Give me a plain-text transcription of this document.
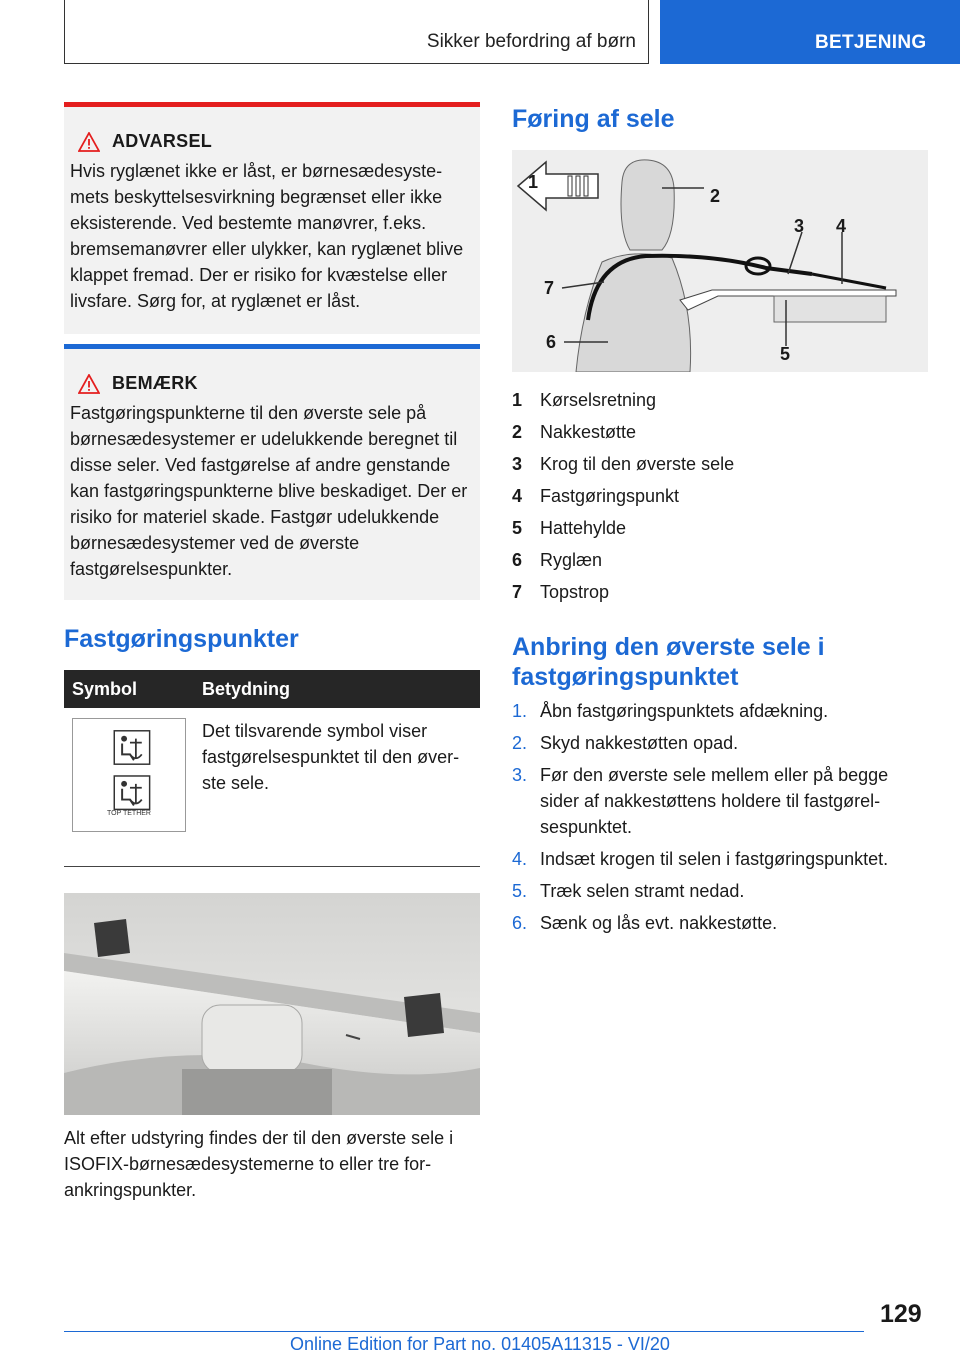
Sikker befordring af børn	BETJENING
ADVARSEL
Hvis ryglænet ikke er låst, er børnesædesystemets beskyttelsesvirkning begrænset eller ikke eksisterende. Ved bestemte manøvrer, f.eks. bremsemanøvrer eller ulykker, kan ryglænet blive klappet fremad. Der er risiko for kvæstelse eller livsfare. Sørg for, at ryglænet er låst.
BEMÆRK
Fastgøringspunkterne til den øverste sele på børnesædesystemer er udelukkende beregnet til disse seler. Ved fastgørelse af andre genstande kan fastgøringspunkterne blive beskadiget. Der er risiko for materiel skade. Fastgør udelukkende børnesædesystemer ved de øverste fastgørelsespunkter.
Fastgøringspunkter
Symbol	Betydning

TOP TETHER	Det tilsvarende symbol viser fastgørelsespunktet til den øverste sele.
Alt efter udstyring findes der til den øverste sele i ISOFIX-børnesædesystemerne to eller tre forankringspunkter.
Føring af sele
1
2
3 4
5
6
7
1 Kørselsretning
2 Nakkestøtte
3 Krog til den øverste sele
4 Fastgøringspunkt
5 Hattehylde
6 Ryglæn
7 Topstrop
Anbring den øverste sele i fastgøringspunktet
1. Åbn fastgøringspunktets afdækning.
2. Skyd nakkestøtten opad.
3. Før den øverste sele mellem eller på begge sider af nakkestøttens holdere til fastgørelsespunktet.
4. Indsæt krogen til selen i fastgøringspunktet.
5. Træk selen stramt nedad.
6. Sænk og lås evt. nakkestøtte.
129
Online Edition for Part no. 01405A11315 - VI/20
